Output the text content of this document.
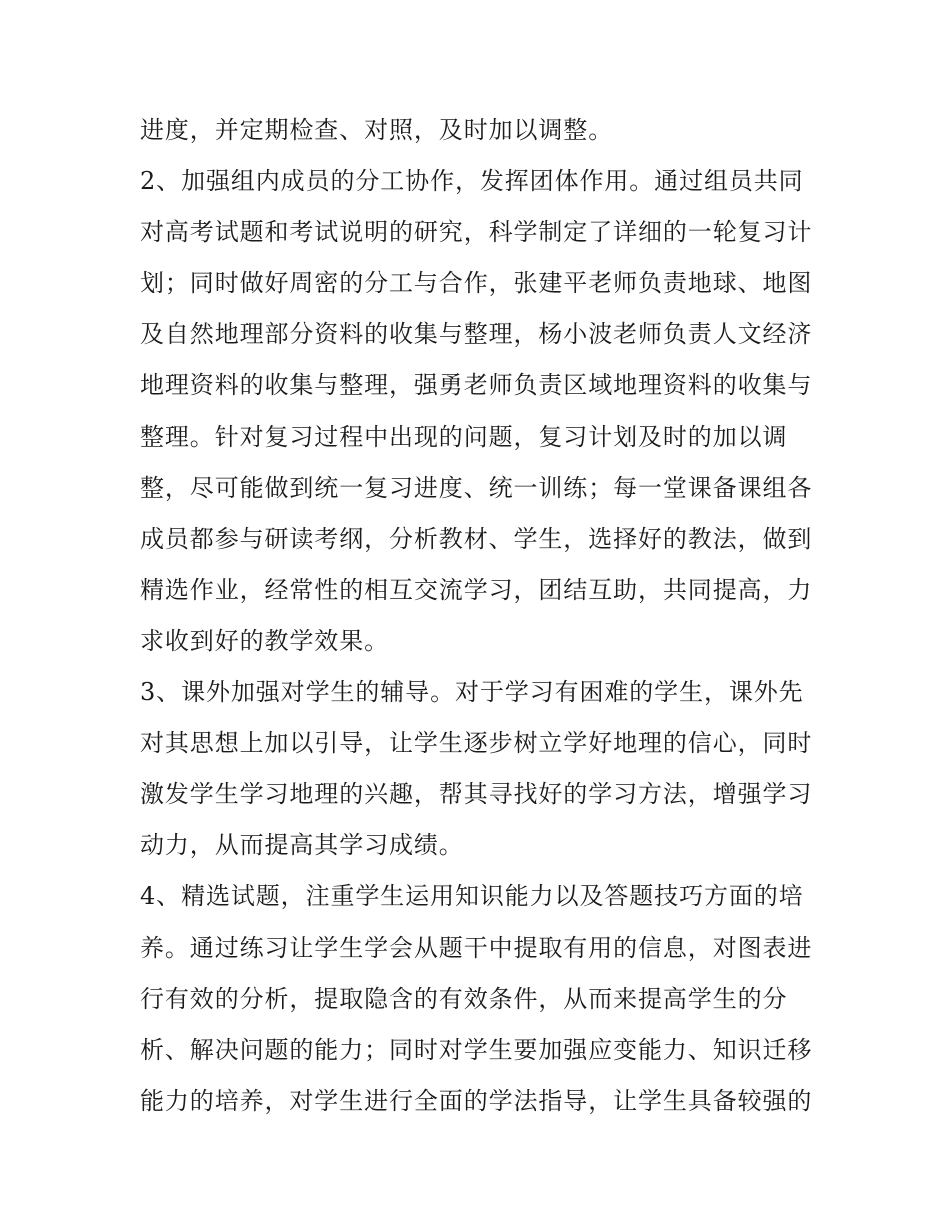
进度，并定期检查、对照，及时加以调整。
2、加强组内成员的分工协作，发挥团体作用。通过组员共同
对高考试题和考试说明的研究，科学制定了详细的一轮复习计
划；同时做好周密的分工与合作，张建平老师负责地球、地图
及自然地理部分资料的收集与整理，杨小波老师负责人文经济
地理资料的收集与整理，强勇老师负责区域地理资料的收集与
整理。针对复习过程中出现的问题，复习计划及时的加以调
整，尽可能做到统一复习进度、统一训练；每一堂课备课组各
成员都参与研读考纲，分析教材、学生，选择好的教法，做到
精选作业，经常性的相互交流学习，团结互助，共同提高，力
求收到好的教学效果。
3、课外加强对学生的辅导。对于学习有困难的学生，课外先
对其思想上加以引导，让学生逐步树立学好地理的信心，同时
激发学生学习地理的兴趣，帮其寻找好的学习方法，增强学习
动力，从而提高其学习成绩。
4、精选试题，注重学生运用知识能力以及答题技巧方面的培
养。通过练习让学生学会从题干中提取有用的信息，对图表进
行有效的分析，提取隐含的有效条件，从而来提高学生的分
析、解决问题的能力；同时对学生要加强应变能力、知识迁移
能力的培养，对学生进行全面的学法指导，让学生具备较强的
